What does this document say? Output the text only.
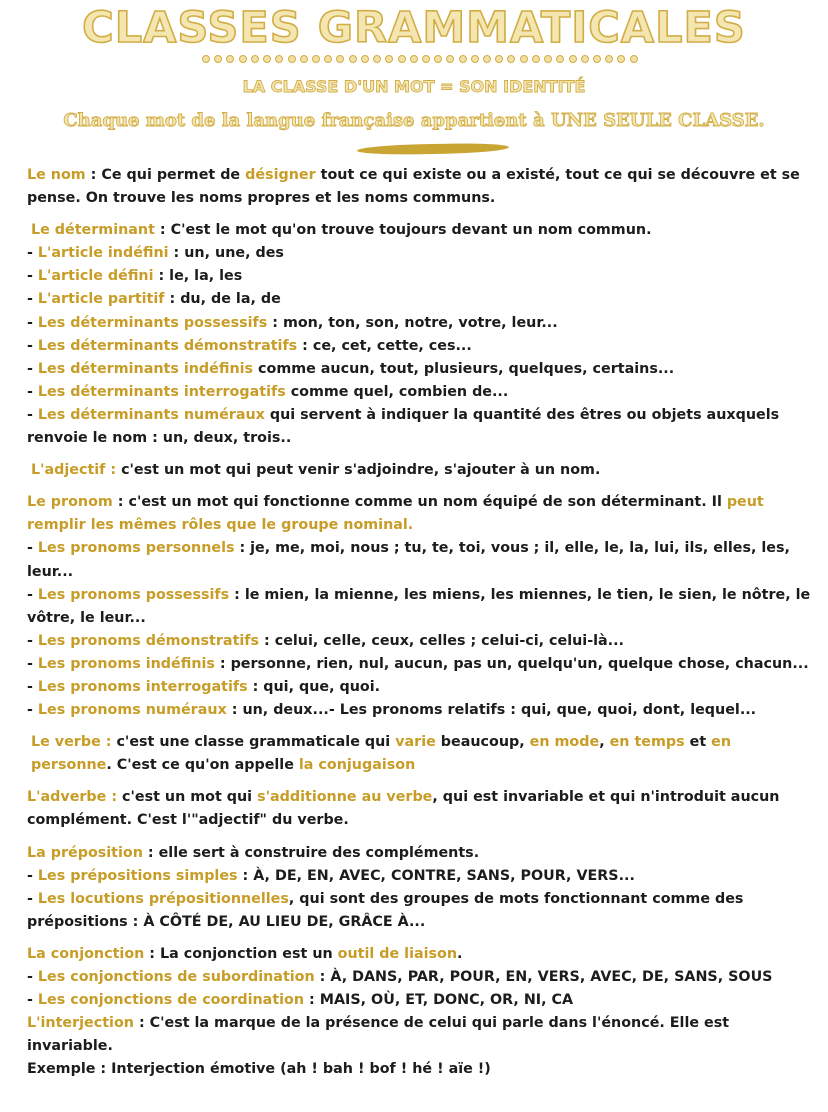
CLASSES GRAMMATICALES
LA CLASSE D'UN MOT = SON IDENTITÉ
Chaque mot de la langue française appartient à UNE SEULE CLASSE.

Le nom : Ce qui permet de désigner tout ce qui existe ou a existé, tout ce qui se découvre et se pense. On trouve les noms propres et les noms communs.

Le déterminant : C'est le mot qu'on trouve toujours devant un nom commun.

- L'article indéfini : un, une, des

- L'article défini : le, la, les

- L'article partitif : du, de la, de

- Les déterminants possessifs : mon, ton, son, notre, votre, leur...

- Les déterminants démonstratifs : ce, cet, cette, ces...

- Les déterminants indéfinis comme aucun, tout, plusieurs, quelques, certains...

- Les déterminants interrogatifs comme quel, combien de...

- Les déterminants numéraux qui servent à indiquer la quantité des êtres ou objets auxquels renvoie le nom : un, deux, trois..

L'adjectif : c'est un mot qui peut venir s'adjoindre, s'ajouter à un nom.

Le pronom : c'est un mot qui fonctionne comme un nom équipé de son déterminant. Il peut remplir les mêmes rôles que le groupe nominal.

- Les pronoms personnels : je, me, moi, nous ; tu, te, toi, vous ; il, elle, le, la, lui, ils, elles, les, leur...

- Les pronoms possessifs : le mien, la mienne, les miens, les miennes, le tien, le sien, le nôtre, le vôtre, le leur...

- Les pronoms démonstratifs : celui, celle, ceux, celles ; celui-ci, celui-là...

- Les pronoms indéfinis : personne, rien, nul, aucun, pas un, quelqu'un, quelque chose, chacun...

- Les pronoms interrogatifs : qui, que, quoi.

- Les pronoms numéraux : un, deux...- Les pronoms relatifs : qui, que, quoi, dont, lequel...

Le verbe : c'est une classe grammaticale qui varie beaucoup, en mode, en temps et en personne. C'est ce qu'on appelle la conjugaison

L'adverbe : c'est un mot qui s'additionne au verbe, qui est invariable et qui n'introduit aucun complément. C'est l'"adjectif" du verbe.

La préposition : elle sert à construire des compléments.

- Les prépositions simples : À, DE, EN, AVEC, CONTRE, SANS, POUR, VERS...

- Les locutions prépositionnelles, qui sont des groupes de mots fonctionnant comme des prépositions : À CÔTÉ DE, AU LIEU DE, GRÂCE À...

La conjonction : La conjonction est un outil de liaison.

- Les conjonctions de subordination : À, DANS, PAR, POUR, EN, VERS, AVEC, DE, SANS, SOUS

- Les conjonctions de coordination : MAIS, OÙ, ET, DONC, OR, NI, CA

L'interjection : C'est la marque de la présence de celui qui parle dans l'énoncé. Elle est invariable.

Exemple : Interjection émotive (ah ! bah ! bof ! hé ! aïe !)
